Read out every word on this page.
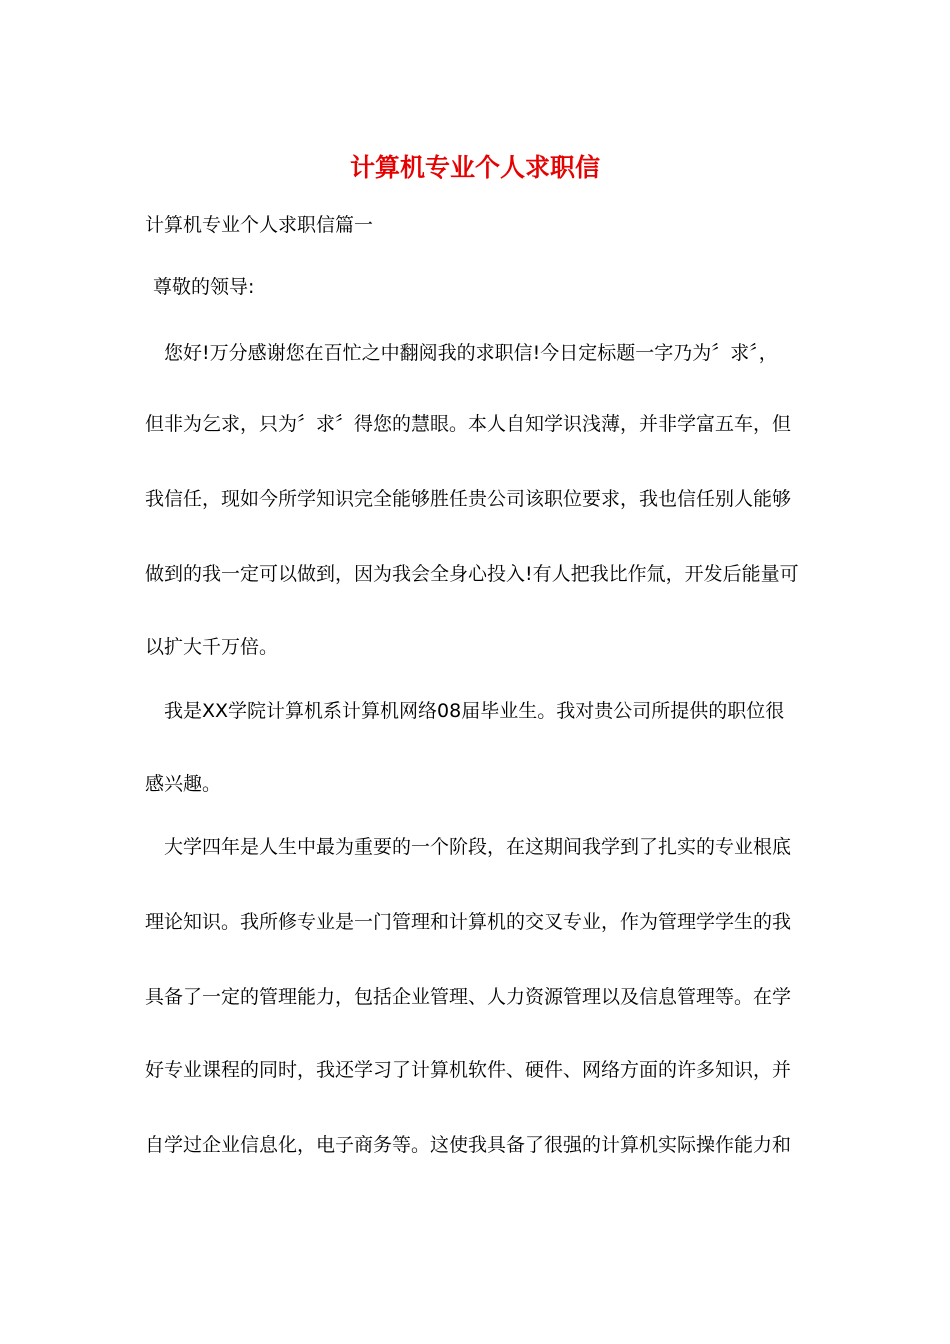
计算机专业个人求职信

计算机专业个人求职信篇一

尊敬的领导:

　您好!万分感谢您在百忙之中翻阅我的求职信!今日定标题一字乃为〞求〞，

但非为乞求，只为〞求〞得您的慧眼。本人自知学识浅薄，并非学富五车，但

我信任，现如今所学知识完全能够胜任贵公司该职位要求，我也信任别人能够

做到的我一定可以做到，因为我会全身心投入!有人把我比作氚，开发后能量可

以扩大千万倍。

　我是XX学院计算机系计算机网络08届毕业生。我对贵公司所提供的职位很

感兴趣。

　大学四年是人生中最为重要的一个阶段，在这期间我学到了扎实的专业根底

理论知识。我所修专业是一门管理和计算机的交叉专业，作为管理学学生的我

具备了一定的管理能力，包括企业管理、人力资源管理以及信息管理等。在学

好专业课程的同时，我还学习了计算机软件、硬件、网络方面的许多知识，并

自学过企业信息化，电子商务等。这使我具备了很强的计算机实际操作能力和
